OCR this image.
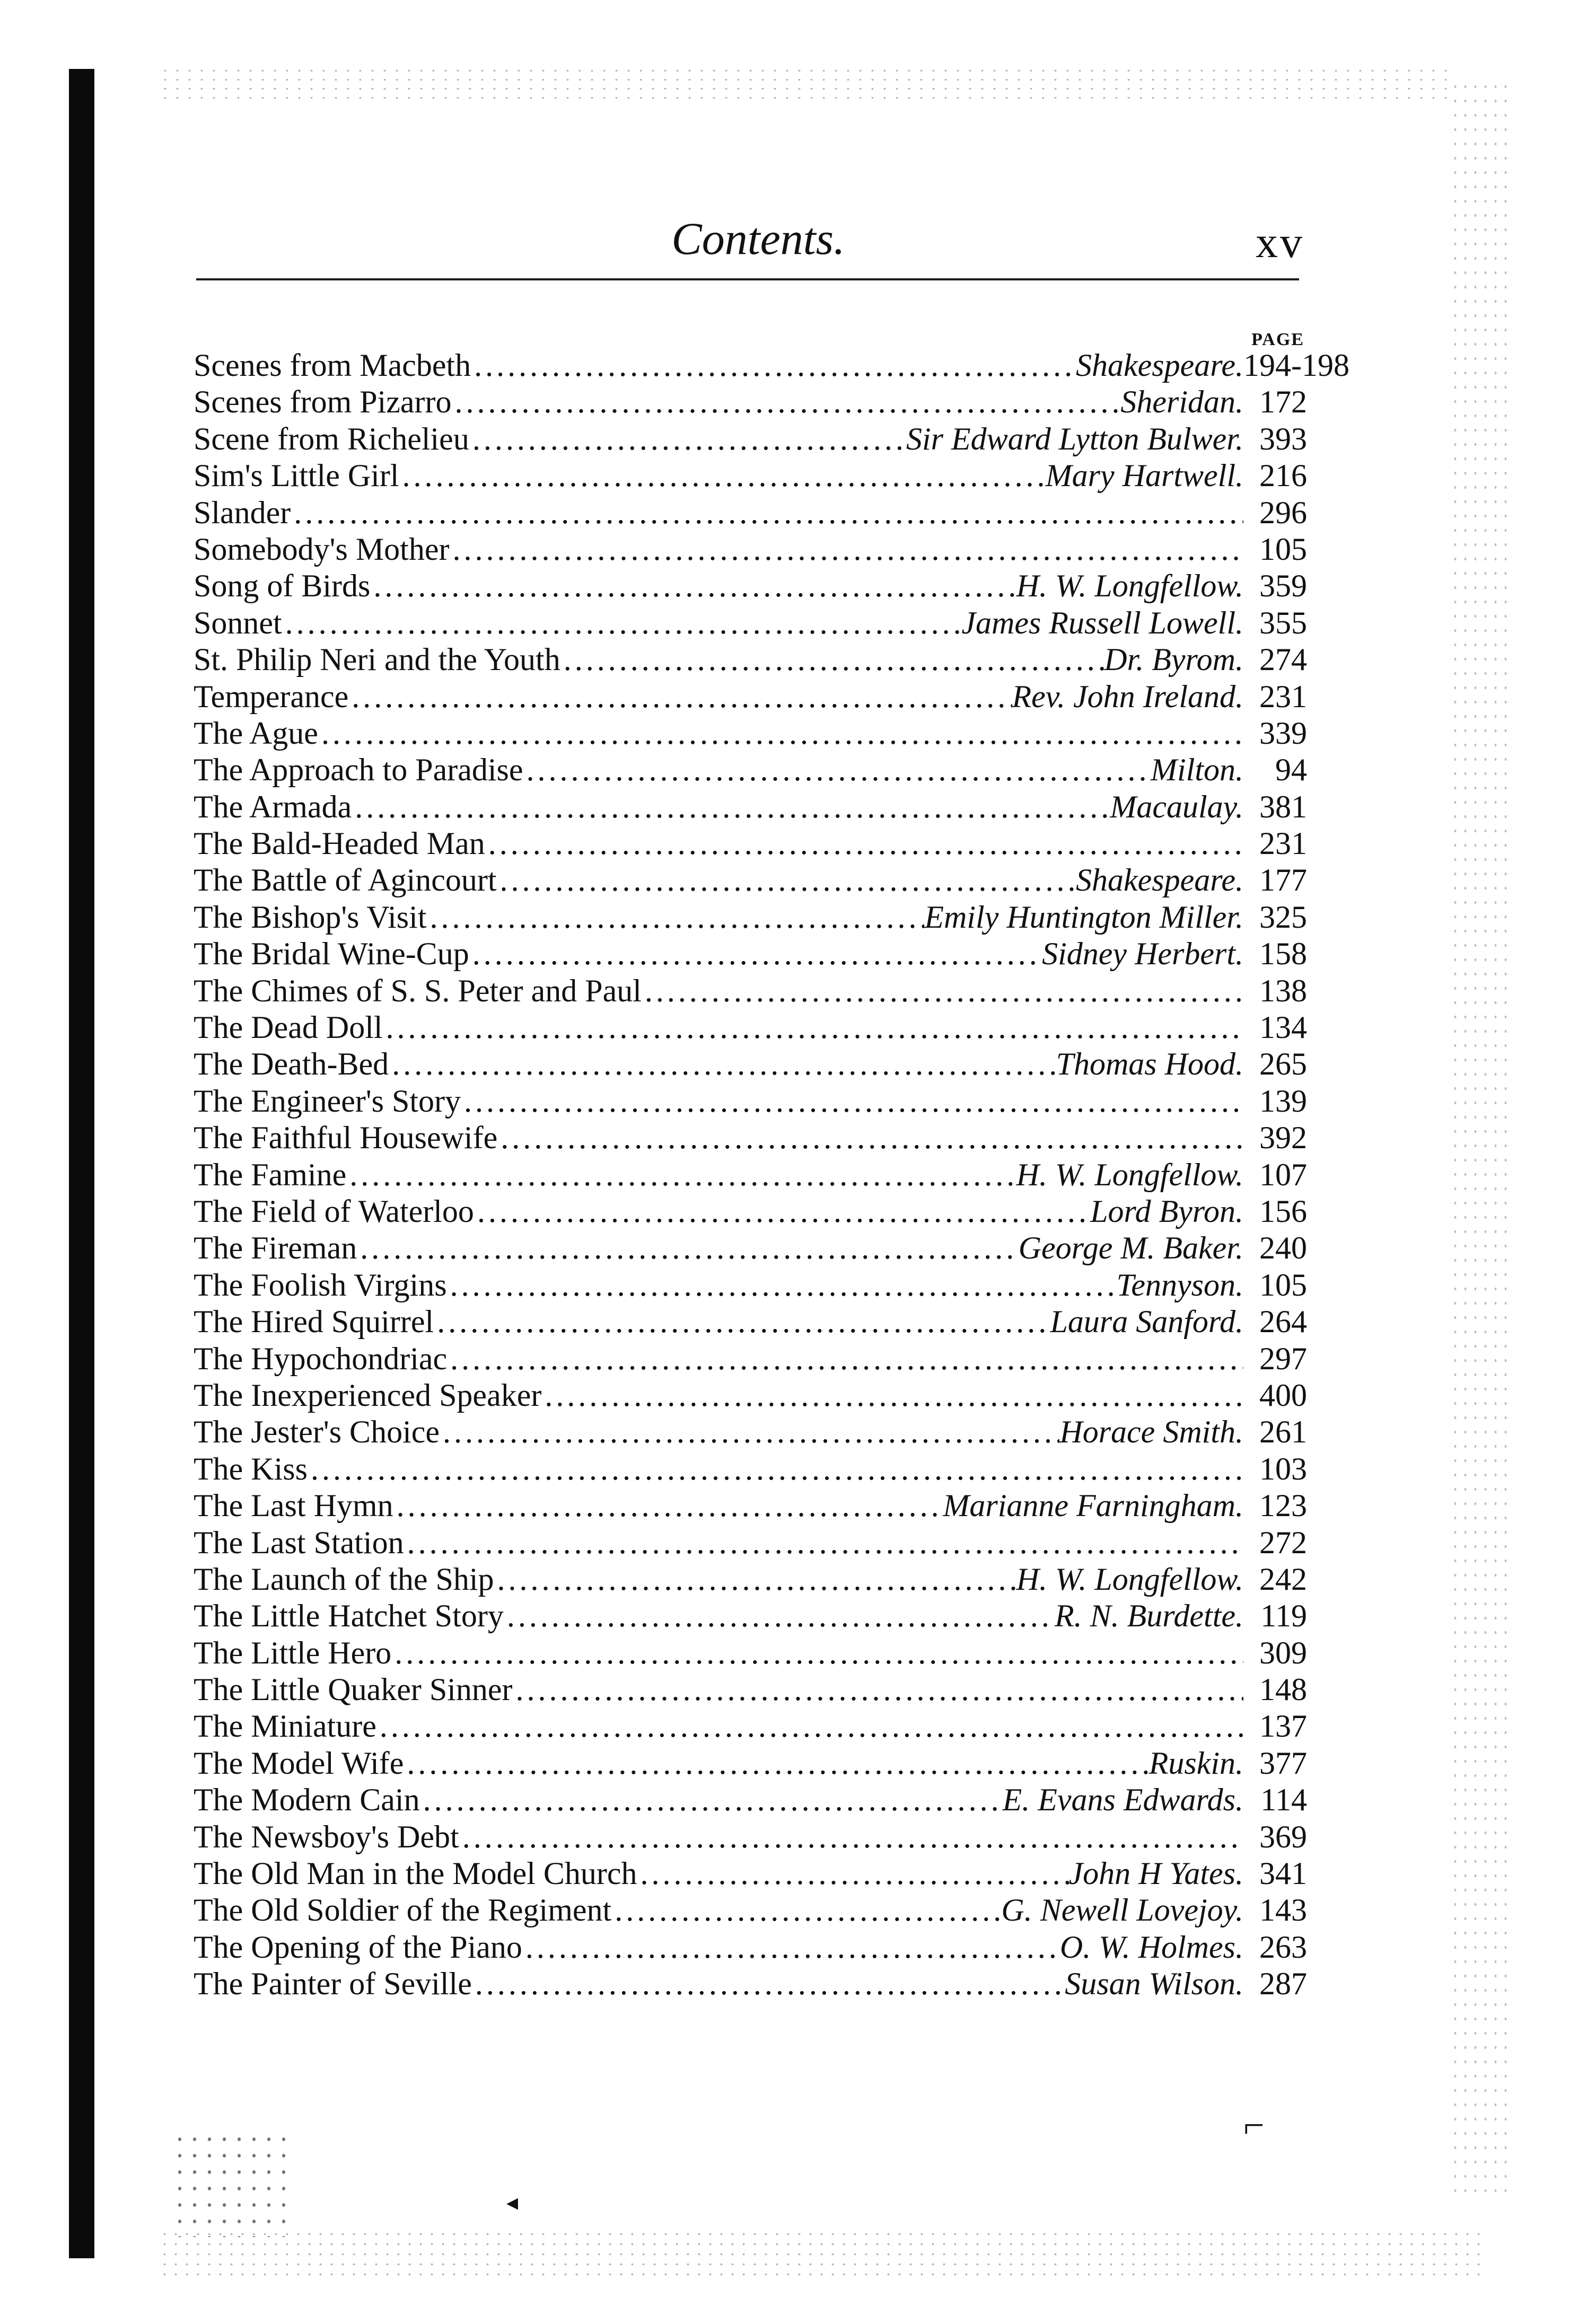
Contents.	xv
PAGE
Scenes from Macbeth .....	Shakespeare. 194-198
Scenes from Pizarro .....	Sheridan. 172
Scene from Richelieu .....	Sir Edward Lytton Bulwer. 393
Sim's Little Girl .....	Mary Hartwell. 216
Slander .....	296
Somebody's Mother .....	105
Song of Birds .....	H. W. Longfellow. 359
Sonnet .....	James Russell Lowell. 355
St. Philip Neri and the Youth .....	Dr. Byrom. 274
Temperance .....	Rev. John Ireland. 231
The Ague .....	339
The Approach to Paradise .....	Milton.	94
The Armada .....	Macaulay. 381
The Bald-Headed Man .....	231
The Battle of Agincourt .....	Shakespeare. 177
The Bishop's Visit .....	Emily Huntington Miller. 325
The Bridal Wine-Cup .....	Sidney Herbert. 158
The Chimes of S. S. Peter and Paul .....	138
The Dead Doll .....	134
The Death-Bed .....	Thomas Hood. 265
The Engineer's Story .....	139
The Faithful Housewife .....	392
The Famine .....	H. W. Longfellow. 107
The Field of Waterloo .....	Lord Byron. 156
The Fireman .....	George M. Baker. 240
The Foolish Virgins .....	Tennyson. 105
The Hired Squirrel .....	Laura Sanford. 264
The Hypochondriac .....	297
The Inexperienced Speaker .....	400
The Jester's Choice .....	Horace Smith. 261
The Kiss .....	103
The Last Hymn .....	Marianne Farningham. 123
The Last Station .....	272
The Launch of the Ship .....	H. W. Longfellow. 242
The Little Hatchet Story .....	R. N. Burdette. 119
The Little Hero .....	309
The Little Quaker Sinner .....	148
The Miniature .....	137
The Model Wife .....	Ruskin. 377
The Modern Cain .....	E. Evans Edwards. 114
The Newsboy's Debt .....	369
The Old Man in the Model Church .....	John H Yates. 341
The Old Soldier of the Regiment .....	G. Newell Lovejoy. 143
The Opening of the Piano .....	O. W. Holmes. 263
The Painter of Seville .....	Susan Wilson. 287
◂
⌐
